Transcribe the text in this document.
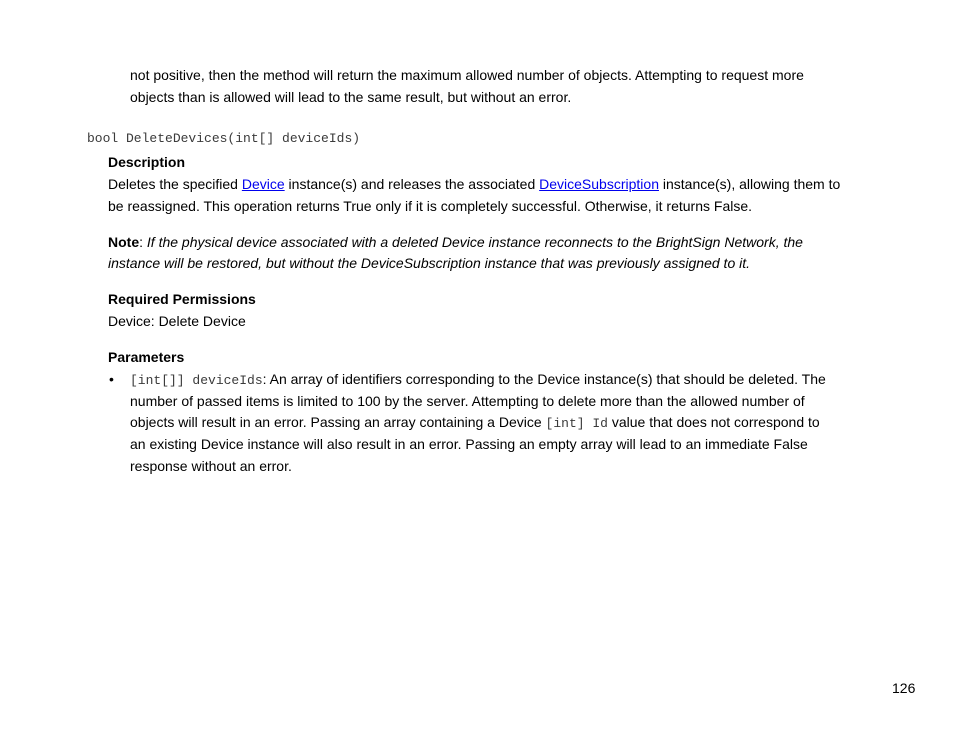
not positive, then the method will return the maximum allowed number of objects. Attempting to request more
objects than is allowed will lead to the same result, but without an error.
bool DeleteDevices(int[] deviceIds)
Description
Deletes the specified Device instance(s) and releases the associated DeviceSubscription instance(s), allowing them to
be reassigned. This operation returns True only if it is completely successful. Otherwise, it returns False.
Note: If the physical device associated with a deleted Device instance reconnects to the BrightSign Network, the
instance will be restored, but without the DeviceSubscription instance that was previously assigned to it.
Required Permissions
Device: Delete Device
Parameters
• [int[]] deviceIds: An array of identifiers corresponding to the Device instance(s) that should be deleted. The
number of passed items is limited to 100 by the server. Attempting to delete more than the allowed number of
objects will result in an error. Passing an array containing a Device [int] Id value that does not correspond to
an existing Device instance will also result in an error. Passing an empty array will lead to an immediate False
response without an error.
126
